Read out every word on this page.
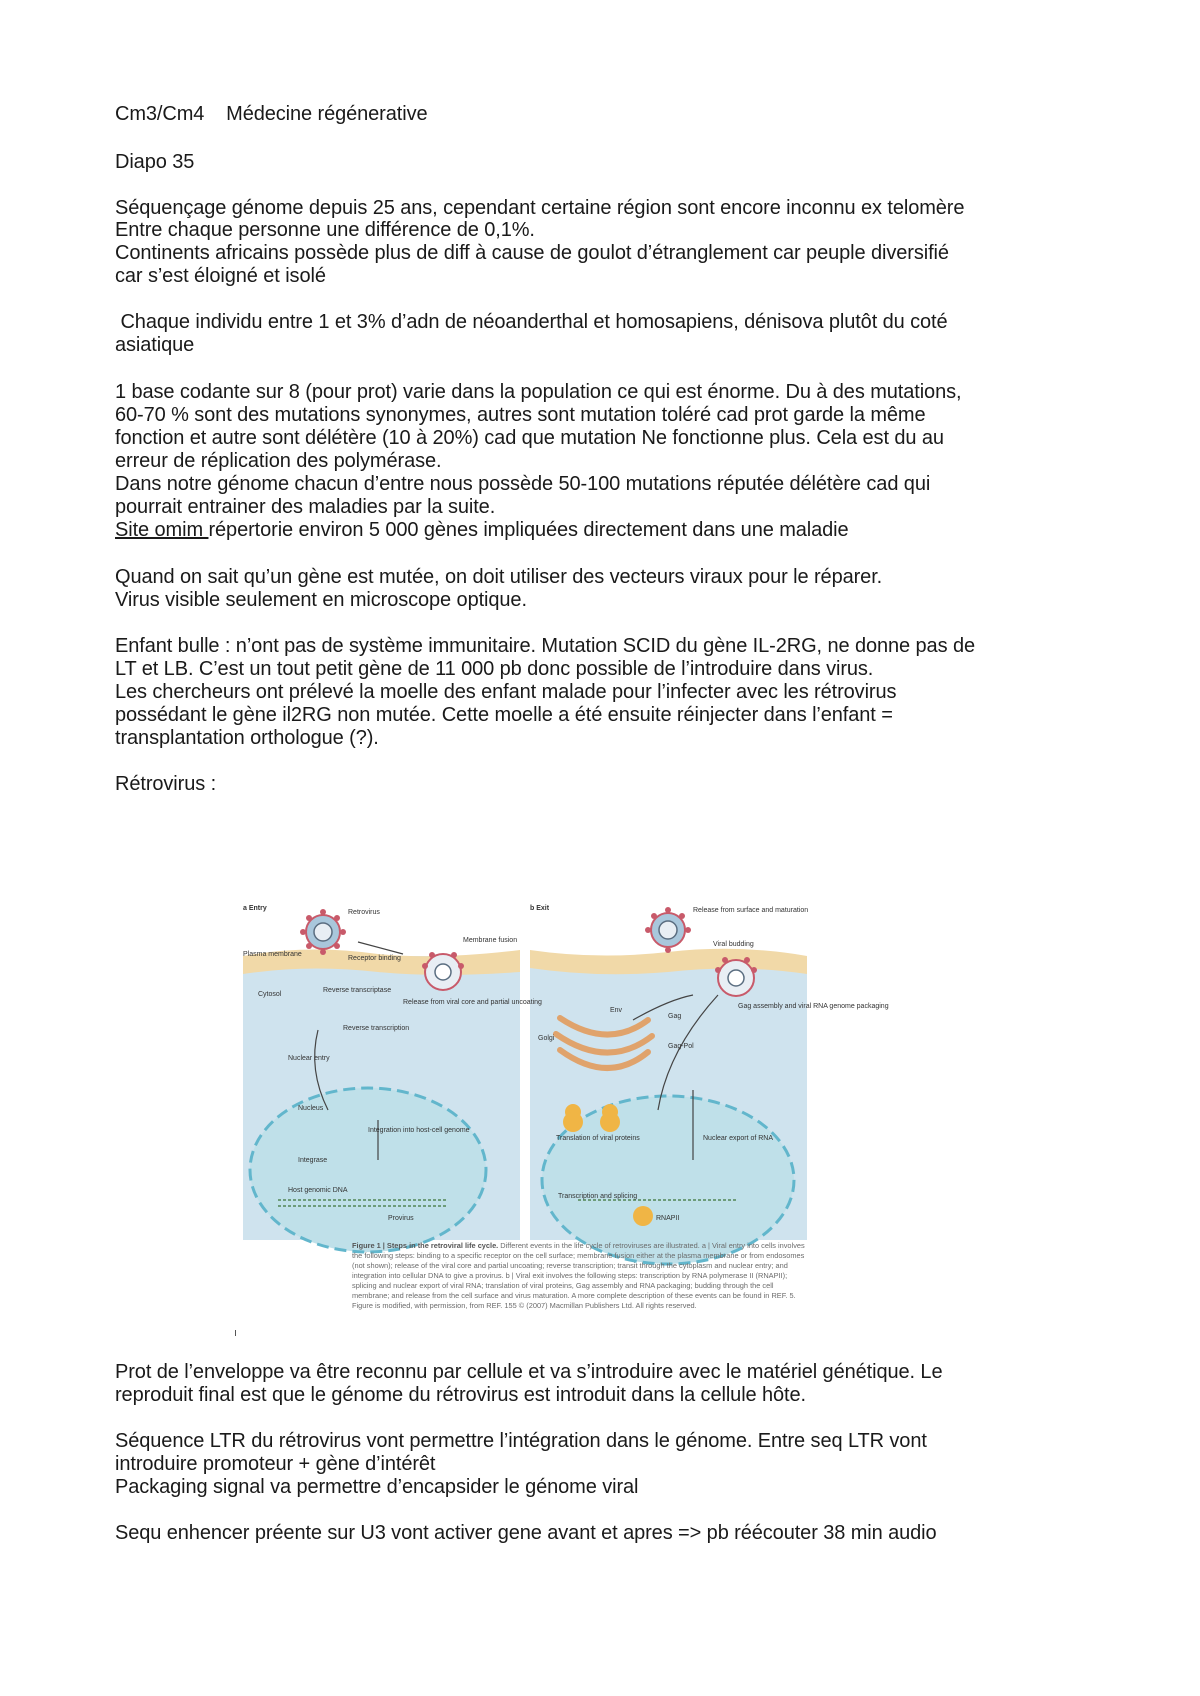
Cm3/Cm4    Médecine régénerative
Diapo 35
Séquençage génome depuis 25 ans, cependant certaine région sont encore inconnu ex telomère
Entre chaque personne une différence de 0,1%.
Continents africains possède plus de diff à cause de goulot d’étranglement car peuple diversifié
car s’est éloigné et isolé
Chaque individu entre 1 et 3% d’adn de néoanderthal et homosapiens, dénisova plutôt du coté
asiatique
1 base codante sur 8 (pour prot) varie dans la population ce qui est énorme. Du à des mutations,
60-70 % sont des mutations synonymes, autres sont mutation toléré cad prot garde la même
fonction et autre sont délétère (10 à 20%) cad que mutation Ne fonctionne plus. Cela est du au
erreur de réplication des polymérase.
Dans notre génome chacun d’entre nous possède 50-100 mutations réputée délétère cad qui
pourrait entrainer des maladies par la suite.
Site omim répertorie environ 5 000 gènes impliquées directement dans une maladie
Quand on sait qu’un gène est mutée, on doit utiliser des vecteurs viraux pour le réparer.
Virus visible seulement en microscope optique.
Enfant bulle : n’ont pas de système immunitaire. Mutation SCID du gène IL-2RG, ne donne pas de
LT et LB. C’est un tout petit gène de 11 000 pb donc possible de l’introduire dans virus.
Les chercheurs ont prélevé la moelle des enfant malade pour l’infecter avec les rétrovirus
possédant le gène il2RG non mutée. Cette moelle a été ensuite réinjecter dans l’enfant =
transplantation orthologue (?).
Rétrovirus :
a Entry
Retrovirus
Plasma membrane
Receptor binding
Membrane fusion
Cytosol
Reverse transcriptase
Release from viral core and partial uncoating
Reverse transcription
Nuclear entry
Nucleus
Integration into host-cell genome
Integrase
Host genomic DNA
Provirus
b Exit	Release from surface and maturation
Viral budding
Gag assembly and viral RNA genome packaging
Env
Golgi
Gag
Gag-Pol
Translation of viral proteins	Nuclear export of RNA
Transcription and splicing
RNAPII

Figure 1 | Steps in the retroviral life cycle. Different events in the life cycle of retroviruses are illustrated. a | Viral entry into cells involves the following steps: binding to a specific receptor on the cell surface; membrane fusion either at the plasma membrane or from endosomes (not shown); release of the viral core and partial uncoating; reverse transcription; transit through the cytoplasm and nuclear entry; and integration into cellular DNA to give a provirus. b | Viral exit involves the following steps: transcription by RNA polymerase II (RNAPII); splicing and nuclear export of viral RNA; translation of viral proteins, Gag assembly and RNA packaging; budding through the cell membrane; and release from the cell surface and virus maturation. A more complete description of these events can be found in REF. 5. Figure is modified, with permission, from REF. 155 © (2007) Macmillan Publishers Ltd. All rights reserved.

Prot de l’enveloppe va être reconnu par cellule et va s’introduire avec le matériel génétique. Le
reproduit final est que le génome du rétrovirus est introduit dans la cellule hôte.
Séquence LTR du rétrovirus vont permettre l’intégration dans le génome. Entre seq LTR vont
introduire promoteur + gène d’intérêt
Packaging signal va permettre d’encapsider le génome viral
Sequ enhencer préente sur U3 vont activer gene avant et apres => pb réécouter 38 min audio
